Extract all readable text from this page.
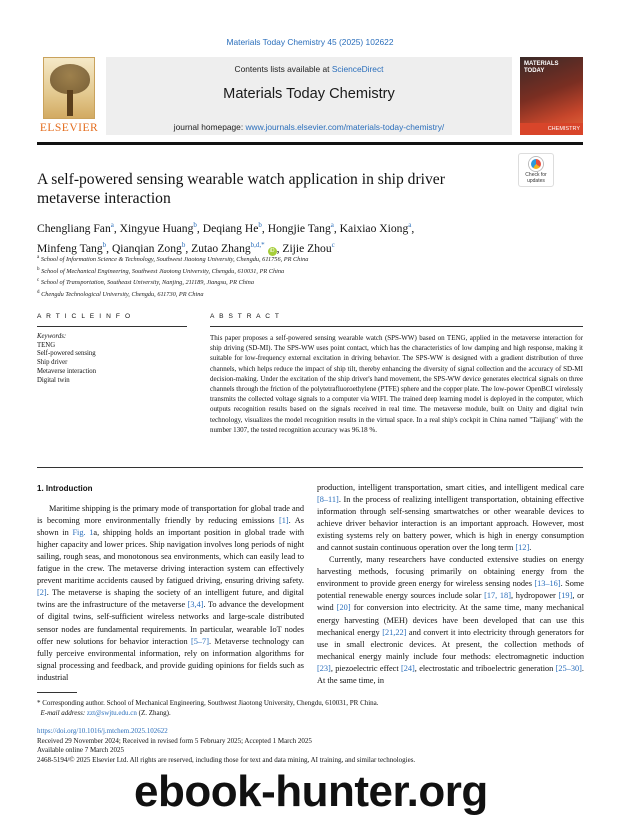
Materials Today Chemistry 45 (2025) 102622
ELSEVIER
Contents lists available at ScienceDirect
Materials Today Chemistry
journal homepage: www.journals.elsevier.com/materials-today-chemistry/
MATERIALS
TODAY
CHEMISTRY
A self-powered sensing wearable watch application in ship driver metaverse interaction
Check for updates
Chengliang Fan$^a$, Xingyue Huang$^b$, Deqiang He$^b$, Hongjie Tang$^a$, Kaixiao Xiong$^a$,
Minfeng Tang$^b$, Qianqian Zong$^b$, Zutao Zhang$^{b,d,*}$ iD , Zijie Zhou$^c$
$^a$ School of Information Science & Technology, Southwest Jiaotong University, Chengdu, 611756, PR China
$^b$ School of Mechanical Engineering, Southwest Jiaotong University, Chengdu, 610031, PR China
$^c$ School of Transportation, Southeast University, Nanjing, 211189, Jiangsu, PR China
$^d$ Chengdu Technological University, Chengdu, 611730, PR China
A R T I C L E I N F O	A B S T R A C T
Keywords:
TENG
Self-powered sensing
Ship driver
Metaverse interaction
Digital twin
This paper proposes a self-powered sensing wearable watch (SPS-WW) based on TENG, applied in the metaverse interaction for ship driving (SD-MI). The SPS-WW uses point contact, which has the characteristics of low damping and high response, making it suitable for low-frequency external excitation in driving behavior. The SPS-WW is designed with a gradient distribution of three channels, which helps reduce the impact of ship tilt, thereby enhancing the diversity of signal collection and the accuracy of SD-MI decision-making. Under the excitation of the ship driver's hand movement, the SPS-WW device generates electrical signals on three channels through the friction of the polytetrafluoroethylene (PTFE) sphere and the copper plate. The low-power OpenBCI wirelessly transmits the collected voltage signals to a computer via WIFI. The trained deep learning model is deployed in the computer, which outputs recognition results based on the signals received in real time. The metaverse module, built on Unity and digital twin technology, visualizes the model recognition results in the virtual space. In a real ship's cockpit in China named "Taijiang" with the number 1307, the tested recognition accuracy was 96.18 %.
1. Introduction

Maritime shipping is the primary mode of transportation for global trade and is becoming more environmentally friendly by reducing emissions [1]. As shown in Fig. 1a, shipping holds an important position in global trade with higher capacity and lower prices. Ship navigation involves long periods of night sailing, rough seas, and monotonous sea environments, which can easily lead to fatigue in the crew. The metaverse driving interaction system can effectively prevent maritime accidents caused by fatigued driving, ensuring driving safety. [2]. The metaverse is shaping the society of an intelligent future, and digital twins are the infrastructure of the metaverse [3,4]. To advance the development of digital twins, self-sufficient wireless networks and large-scale distributed sensor nodes are fundamental requirements. In particular, wearable IoT nodes offer new solutions for behavior interaction [5–7]. Metaverse technology can fully perceive environmental information, rely on information algorithms for signal processing and feedback, and provide guiding opinions for fields such as industrial

production, intelligent transportation, smart cities, and intelligent medical care [8–11]. In the process of realizing intelligent transportation, obtaining effective information through self-sensing smartwatches or other wearable devices to achieve driver behavior interaction is an important approach. However, most existing systems rely on battery power, which is high in energy consumption and cannot sustain continuous operation over the long term [12].

Currently, many researchers have conducted extensive studies on energy harvesting methods, focusing primarily on obtaining energy from the environment to provide green energy for wireless sensing nodes [13–16]. Some potential renewable energy sources include solar [17, 18], hydropower [19], or wind [20] for conversion into electricity. At the same time, many mechanical energy harvesting (MEH) devices have been developed that can use this mechanical energy [21,22] and convert it into electricity through generators for use in small electronic devices. At present, the collection methods of mechanical energy mainly include four methods: electromagnetic induction [23], piezoelectric effect [24], electrostatic and triboelectric generation [25–30]. At the same time, in

* Corresponding author. School of Mechanical Engineering, Southwest Jiaotong University, Chengdu, 610031, PR China.
E-mail address: zzt@swjtu.edu.cn (Z. Zhang).
https://doi.org/10.1016/j.mtchem.2025.102622
Received 29 November 2024; Received in revised form 5 February 2025; Accepted 1 March 2025
Available online 7 March 2025
2468-5194/© 2025 Elsevier Ltd. All rights are reserved, including those for text and data mining, AI training, and similar technologies.
ebook-hunter.org
